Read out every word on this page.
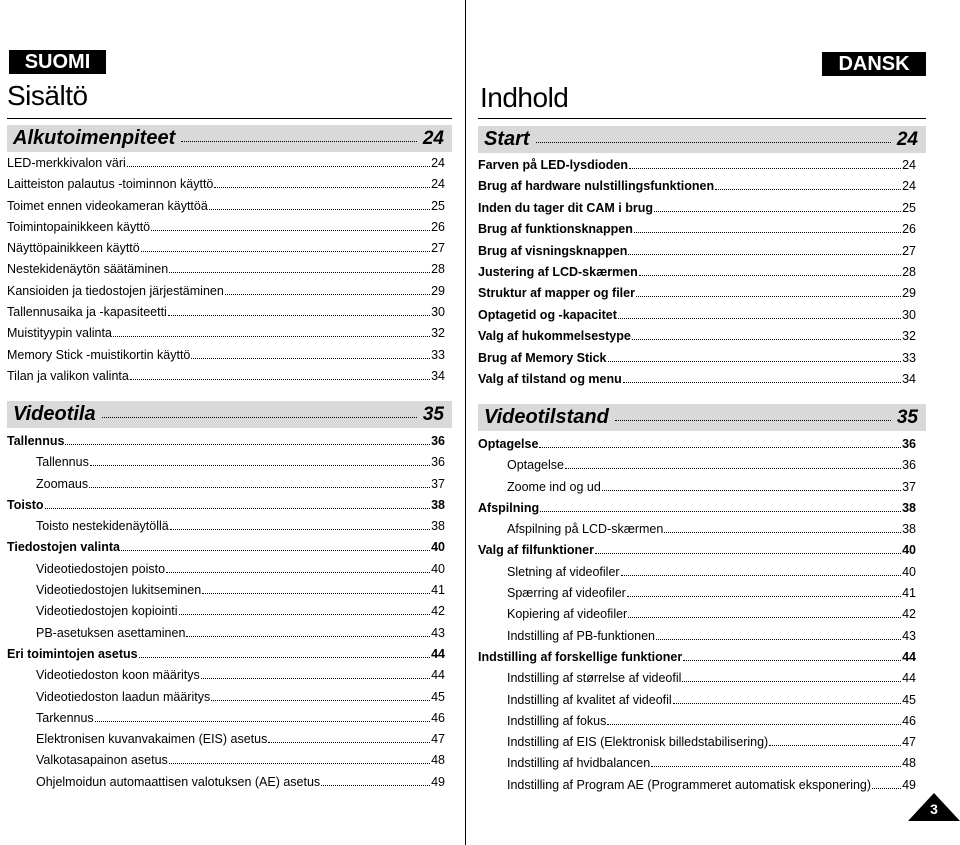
SUOMI
Sisältö
DANSK
Indhold
Alkutoimenpiteet	24
LED-merkkivalon väri	24
Laitteiston palautus -toiminnon käyttö	24
Toimet ennen videokameran käyttöä	25
Toimintopainikkeen käyttö	26
Näyttöpainikkeen käyttö	27
Nestekidenäytön säätäminen	28
Kansioiden ja tiedostojen järjestäminen	29
Tallennusaika ja -kapasiteetti	30
Muistityypin valinta	32
Memory Stick -muistikortin käyttö	33
Tilan ja valikon valinta	34
Videotila	35
Tallennus	36
Tallennus	36
Zoomaus	37
Toisto	38
Toisto nestekidenäytöllä	38
Tiedostojen valinta	40
Videotiedostojen poisto	40
Videotiedostojen lukitseminen	41
Videotiedostojen kopiointi	42
PB-asetuksen asettaminen	43
Eri toimintojen asetus	44
Videotiedoston koon määritys	44
Videotiedoston laadun määritys	45
Tarkennus	46
Elektronisen kuvanvakaimen (EIS) asetus	47
Valkotasapainon asetus	48
Ohjelmoidun automaattisen valotuksen (AE) asetus	49
Start	24
Farven på LED-lysdioden	24
Brug af hardware nulstillingsfunktionen	24
Inden du tager dit CAM i brug	25
Brug af funktionsknappen	26
Brug af visningsknappen	27
Justering af LCD-skærmen	28
Struktur af mapper og filer	29
Optagetid og -kapacitet	30
Valg af hukommelsestype	32
Brug af Memory Stick	33
Valg af tilstand og menu	34
Videotilstand	35
Optagelse	36
Optagelse	36
Zoome ind og ud	37
Afspilning	38
Afspilning på LCD-skærmen	38
Valg af filfunktioner	40
Sletning af videofiler	40
Spærring af videofiler	41
Kopiering af videofiler	42
Indstilling af PB-funktionen	43
Indstilling af forskellige funktioner	44
Indstilling af størrelse af videofil	44
Indstilling af kvalitet af videofil	45
Indstilling af fokus	46
Indstilling af EIS (Elektronisk billedstabilisering)	47
Indstilling af hvidbalancen	48
Indstilling af Program AE (Programmeret automatisk eksponering) 49
3
